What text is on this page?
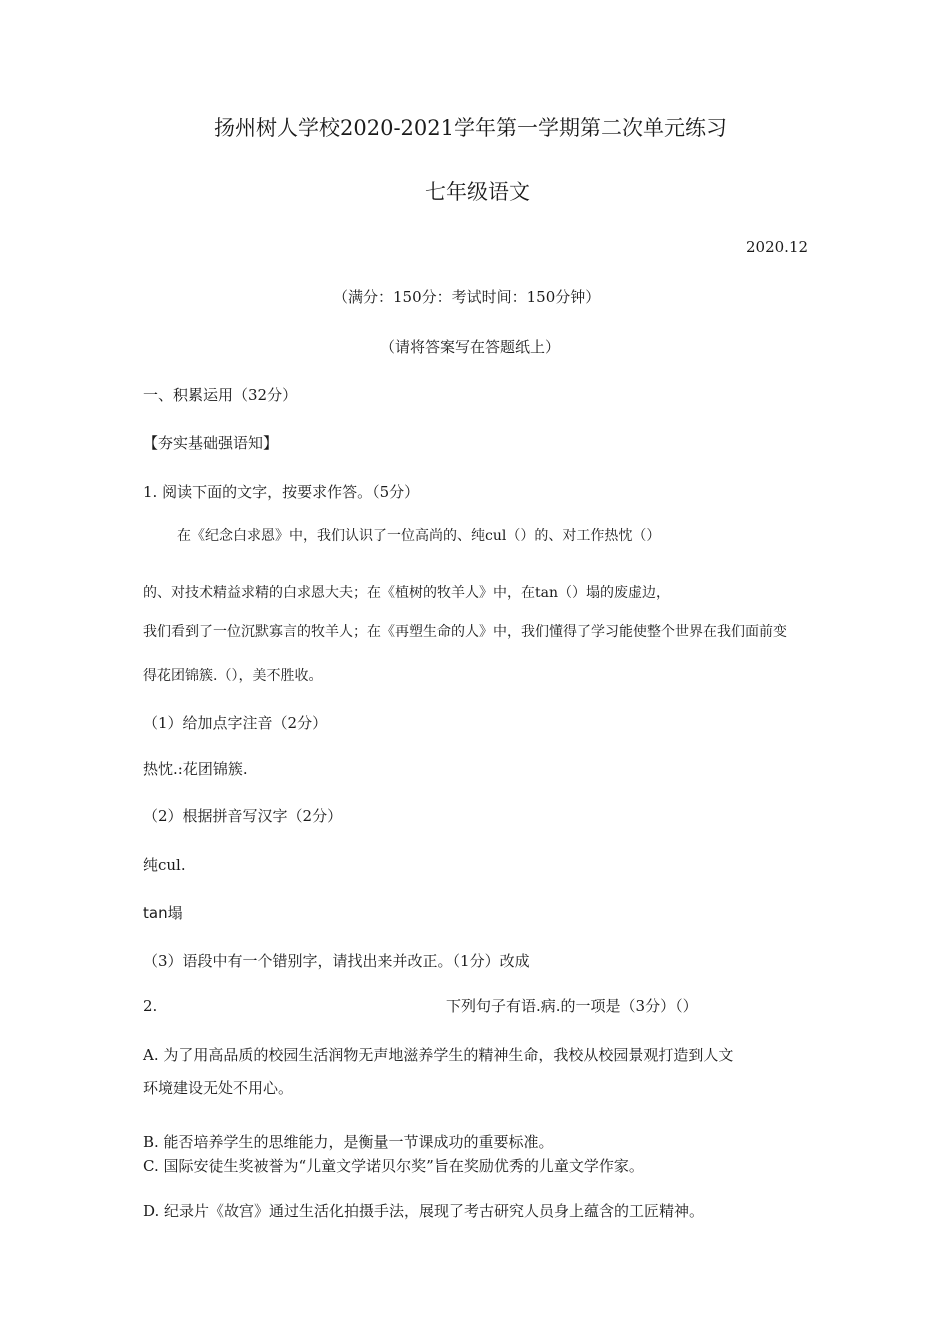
扬州树人学校2020-2021学年第一学期第二次单元练习
七年级语文
2020.12
（满分：150分：考试时间：150分钟）
（请将答案写在答题纸上）
一、积累运用（32分）
【夯实基础强语知】
1. 阅读下面的文字，按要求作答。（5分）
在《纪念白求恩》中，我们认识了一位高尚的、纯cul（）的、对工作热忱（）
的、对技术精益求精的白求恩大夫；在《植树的牧羊人》中，在tan（）塌的废虚边，
我们看到了一位沉默寡言的牧羊人；在《再塑生命的人》中，我们懂得了学习能使整个世界在我们面前变
得花团锦簇.（），美不胜收。
（1）给加点字注音（2分）
热忱.:花团锦簇.
（2）根据拼音写汉字（2分）
纯cul.
tan塌
（3）语段中有一个错别字，请找出来并改正。（1分）改成
2.	下列句子有语.病.的一项是（3分）（）
A. 为了用高品质的校园生活润物无声地滋养学生的精神生命，我校从校园景观打造到人文
环境建设无处不用心。
B. 能否培养学生的思维能力，是衡量一节课成功的重要标准。
C. 国际安徒生奖被誉为“儿童文学诺贝尔奖”旨在奖励优秀的儿童文学作家。
D. 纪录片《故宫》通过生活化拍摄手法，展现了考古研究人员身上蕴含的工匠精神。
